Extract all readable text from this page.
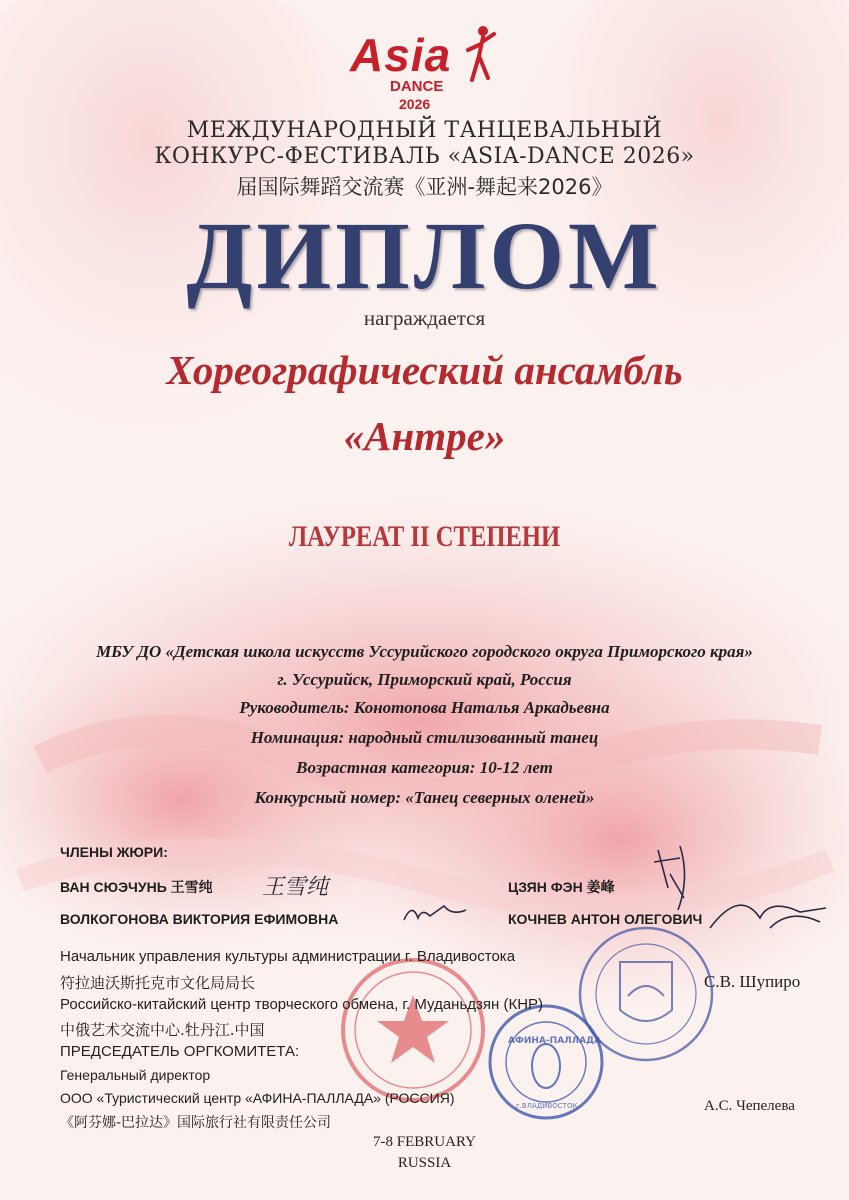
Asia
DANCE
2026
МЕЖДУНАРОДНЫЙ ТАНЦЕВАЛЬНЫЙ
КОНКУРС-ФЕСТИВАЛЬ «ASIA-DANCE 2026»
届国际舞蹈交流赛《亚洲-舞起来2026》
ДИПЛОМ
награждается
Хореографический ансамбль
«Антре»
ЛАУРЕАТ II СТЕПЕНИ
МБУ ДО «Детская школа искусств Уссурийского городского округа Приморского края»
г. Уссурийск, Приморский край, Россия
Руководитель: Конотопова Наталья Аркадьевна
Номинация: народный стилизованный танец
Возрастная категория: 10-12 лет
Конкурсный номер: «Танец северных оленей»
ЧЛЕНЫ ЖЮРИ:
ВАН СЮЭЧУНЬ 王雪纯 王雪纯	ЦЗЯН ФЭН 姜峰
ВОЛКОГОНОВА ВИКТОРИЯ ЕФИМОВНА	КОЧНЕВ АНТОН ОЛЕГОВИЧ
АФИНА-ПАЛЛАДА
г.ВЛАДИВОСТОК
Начальник управления культуры администрации г. Владивостока
符拉迪沃斯托克市文化局局长
Российско-китайский центр творческого обмена, г. Муданьдзян (КНР)
中俄艺术交流中心.牡丹江.中国
ПРЕДСЕДАТЕЛЬ ОРГКОМИТЕТА:
Генеральный директор
ООО «Туристический центр «АФИНА-ПАЛЛАДА» (РОССИЯ)
《阿芬娜-巴拉达》国际旅行社有限责任公司
С.В. Шупиро
А.С. Чепелева
7-8 FEBRUARY
RUSSIA
